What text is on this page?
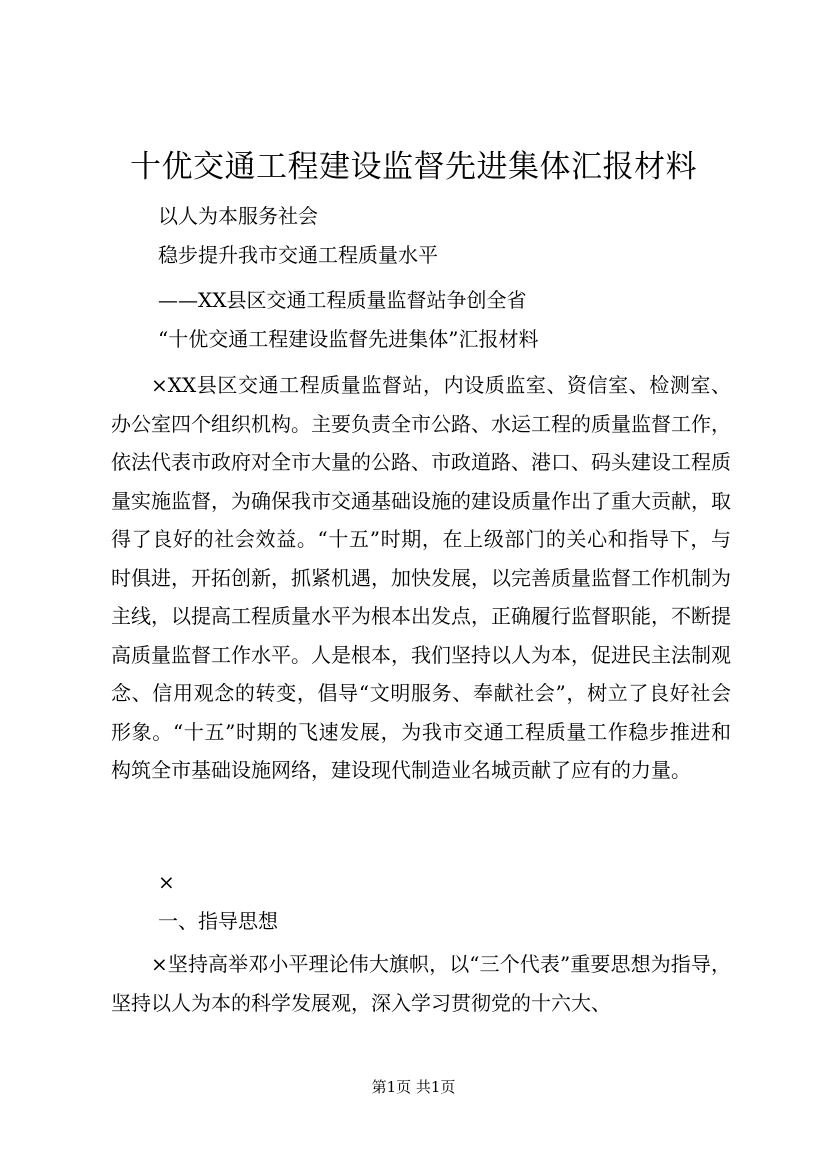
十优交通工程建设监督先进集体汇报材料
以人为本服务社会
稳步提升我市交通工程质量水平
——XX县区交通工程质量监督站争创全省
“十优交通工程建设监督先进集体”汇报材料
×XX县区交通工程质量监督站，内设质监室、资信室、检测室、办公室四个组织机构。主要负责全市公路、水运工程的质量监督工作，依法代表市政府对全市大量的公路、市政道路、港口、码头建设工程质量实施监督，为确保我市交通基础设施的建设质量作出了重大贡献，取得了良好的社会效益。“十五”时期，在上级部门的关心和指导下，与时俱进，开拓创新，抓紧机遇，加快发展，以完善质量监督工作机制为主线，以提高工程质量水平为根本出发点，正确履行监督职能，不断提高质量监督工作水平。人是根本，我们坚持以人为本，促进民主法制观念、信用观念的转变，倡导“文明服务、奉献社会”，树立了良好社会形象。“十五”时期的飞速发展，为我市交通工程质量工作稳步推进和构筑全市基础设施网络，建设现代制造业名城贡献了应有的力量。
×
一、指导思想
×坚持高举邓小平理论伟大旗帜，以“三个代表”重要思想为指导，坚持以人为本的科学发展观，深入学习贯彻党的十六大、
第1页 共1页
